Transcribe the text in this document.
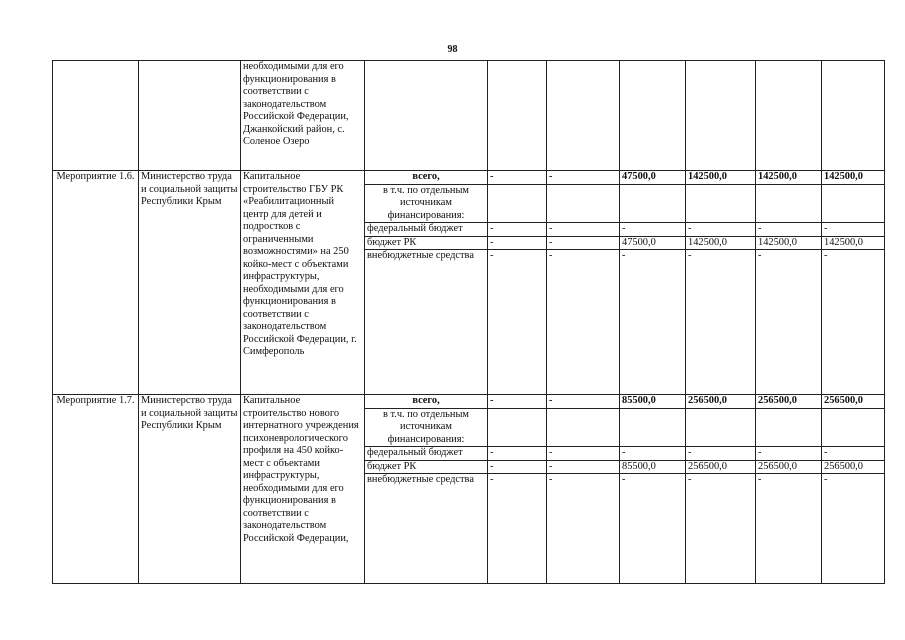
98
		необходимыми для его функционирования в соответствии с законодательством Российской Федерации, Джанкойский район, с. Соленое Озеро							
Мероприятие 1.6.	Министерство труда и социальной защиты Республики Крым	Капитальное строительство ГБУ РК «Реабилитационный центр для детей и подростков с ограниченными возможностями» на 250 койко-мест с объектами инфраструктуры, необходимыми для его функционирования в соответствии с законодательством Российской Федерации, г. Симферополь	всего,	-	-	47500,0	142500,0	142500,0	142500,0
			в т.ч. по отдельным источникам финансирования:						
			федеральный бюджет	-	-	-	-	-	-
			бюджет РК	-	-	47500,0	142500,0	142500,0	142500,0
			внебюджетные средства	-	-	-	-	-	-
Мероприятие 1.7.	Министерство труда и социальной защиты Республики Крым	Капитальное строительство нового интернатного учреждения психоневрологического профиля на 450 койко-мест с объектами инфраструктуры, необходимыми для его функционирования в соответствии с законодательством Российской Федерации,	всего,	-	-	85500,0	256500,0	256500,0	256500,0
			в т.ч. по отдельным источникам финансирования:						
			федеральный бюджет	-	-	-	-	-	-
			бюджет РК	-	-	85500,0	256500,0	256500,0	256500,0
			внебюджетные средства	-	-	-	-	-	-
